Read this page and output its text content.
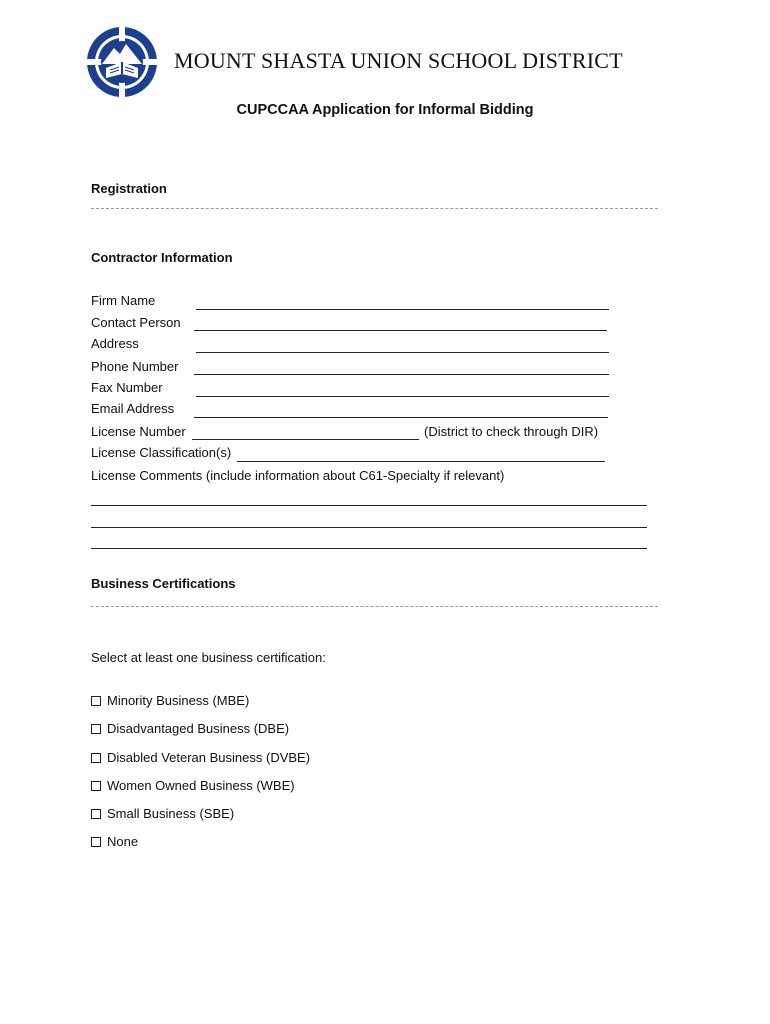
MOUNT SHASTA UNION SCHOOL DISTRICT
CUPCCAA Application for Informal Bidding
Registration
Contractor Information
Firm Name
Contact Person
Address
Phone Number
Fax Number
Email Address
License Number	(District to check through DIR)
License Classification(s)
License Comments (include information about C61-Specialty if relevant)
Business Certifications
Select at least one business certification:
Minority Business (MBE)
Disadvantaged Business (DBE)
Disabled Veteran Business (DVBE)
Women Owned Business (WBE)
Small Business (SBE)
None
